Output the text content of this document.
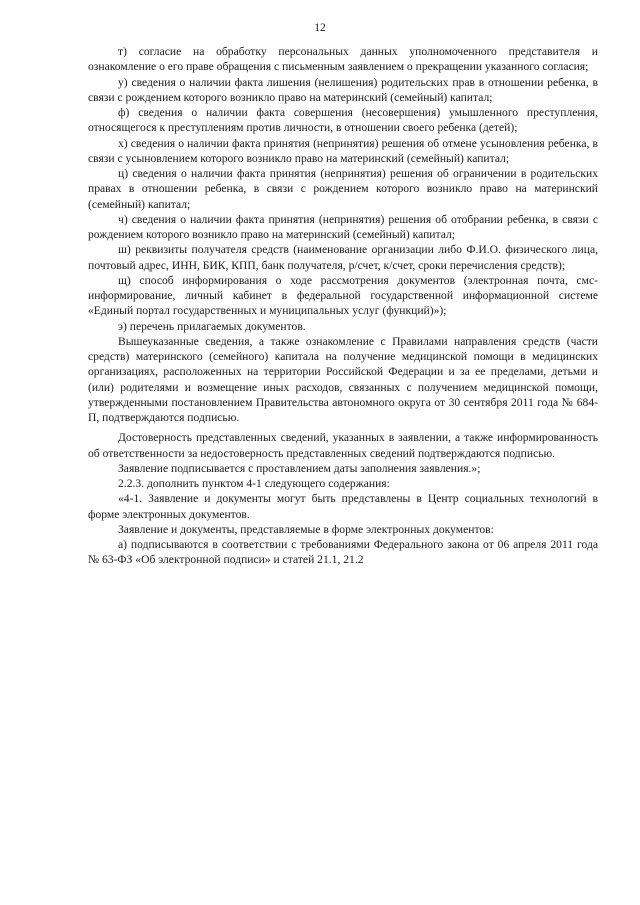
12

т) согласие на обработку персональных данных уполномоченного представителя и ознакомление о его праве обращения с письменным заявлением о прекращении указанного согласия;

у) сведения о наличии факта лишения (нелишения) родительских прав в отношении ребенка, в связи с рождением которого возникло право на материнский (семейный) капитал;

ф) сведения о наличии факта совершения (несовершения) умышленного преступления, относящегося к преступлениям против личности, в отношении своего ребенка (детей);

х) сведения о наличии факта принятия (непринятия) решения об отмене усыновления ребенка, в связи с усыновлением которого возникло право на материнский (семейный) капитал;

ц) сведения о наличии факта принятия (непринятия) решения об ограничении в родительских правах в отношении ребенка, в связи с рождением которого возникло право на материнский (семейный) капитал;

ч) сведения о наличии факта принятия (непринятия) решения об отобрании ребенка, в связи с рождением которого возникло право на материнский (семейный) капитал;

ш) реквизиты получателя средств (наименование организации либо Ф.И.О. физического лица, почтовый адрес, ИНН, БИК, КПП, банк получателя, р/счет, к/счет, сроки перечисления средств);

щ) способ информирования о ходе рассмотрения документов (электронная почта, смс-информирование, личный кабинет в федеральной государственной информационной системе «Единый портал государственных и муниципальных услуг (функций)»);

э) перечень прилагаемых документов.

Вышеуказанные сведения, а также ознакомление с Правилами направления средств (части средств) материнского (семейного) капитала на получение медицинской помощи в медицинских организациях, расположенных на территории Российской Федерации и за ее пределами, детьми и (или) родителями и возмещение иных расходов, связанных с получением медицинской помощи, утвержденными постановлением Правительства автономного округа от 30 сентября 2011 года № 684-П, подтверждаются подписью.

Достоверность представленных сведений, указанных в заявлении, а также информированность об ответственности за недостоверность представленных сведений подтверждаются подписью.

Заявление подписывается с проставлением даты заполнения заявления.»;

2.2.3. дополнить пунктом 4-1 следующего содержания:

«4-1. Заявление и документы могут быть представлены в Центр социальных технологий в форме электронных документов.

Заявление и документы, представляемые в форме электронных документов:

а) подписываются в соответствии с требованиями Федерального закона от 06 апреля 2011 года № 63-ФЗ «Об электронной подписи» и статей 21.1, 21.2
